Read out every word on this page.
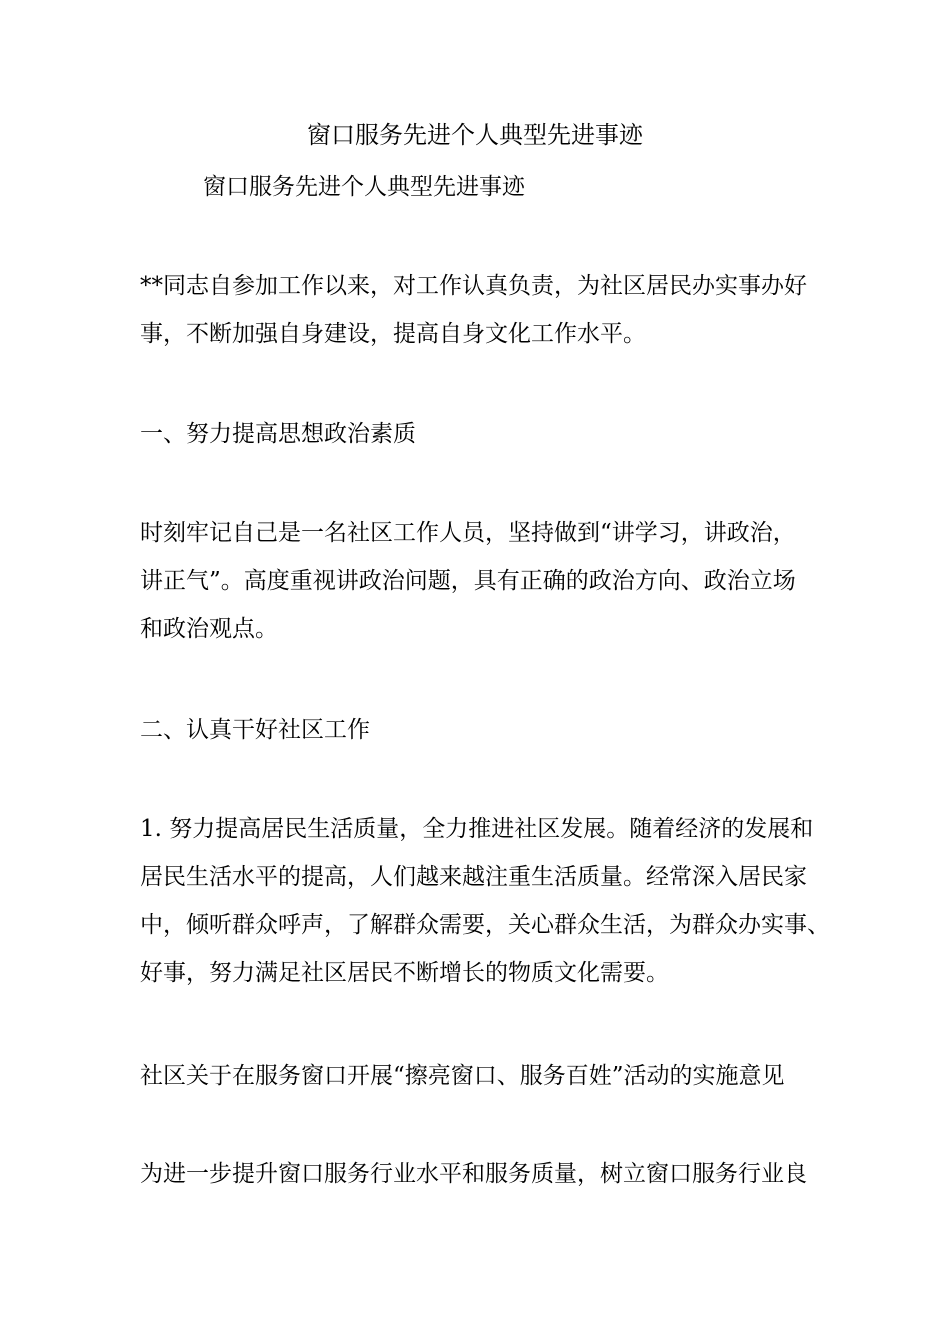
窗口服务先进个人典型先进事迹
窗口服务先进个人典型先进事迹
**同志自参加工作以来，对工作认真负责，为社区居民办实事办好
事，不断加强自身建设，提高自身文化工作水平。
一、努力提高思想政治素质
时刻牢记自己是一名社区工作人员，坚持做到“讲学习，讲政治，
讲正气”。高度重视讲政治问题，具有正确的政治方向、政治立场
和政治观点。
二、认真干好社区工作
1. 努力提高居民生活质量，全力推进社区发展。随着经济的发展和
居民生活水平的提高，人们越来越注重生活质量。经常深入居民家
中，倾听群众呼声，了解群众需要，关心群众生活，为群众办实事、
好事，努力满足社区居民不断增长的物质文化需要。
社区关于在服务窗口开展“擦亮窗口、服务百姓”活动的实施意见
为进一步提升窗口服务行业水平和服务质量，树立窗口服务行业良
